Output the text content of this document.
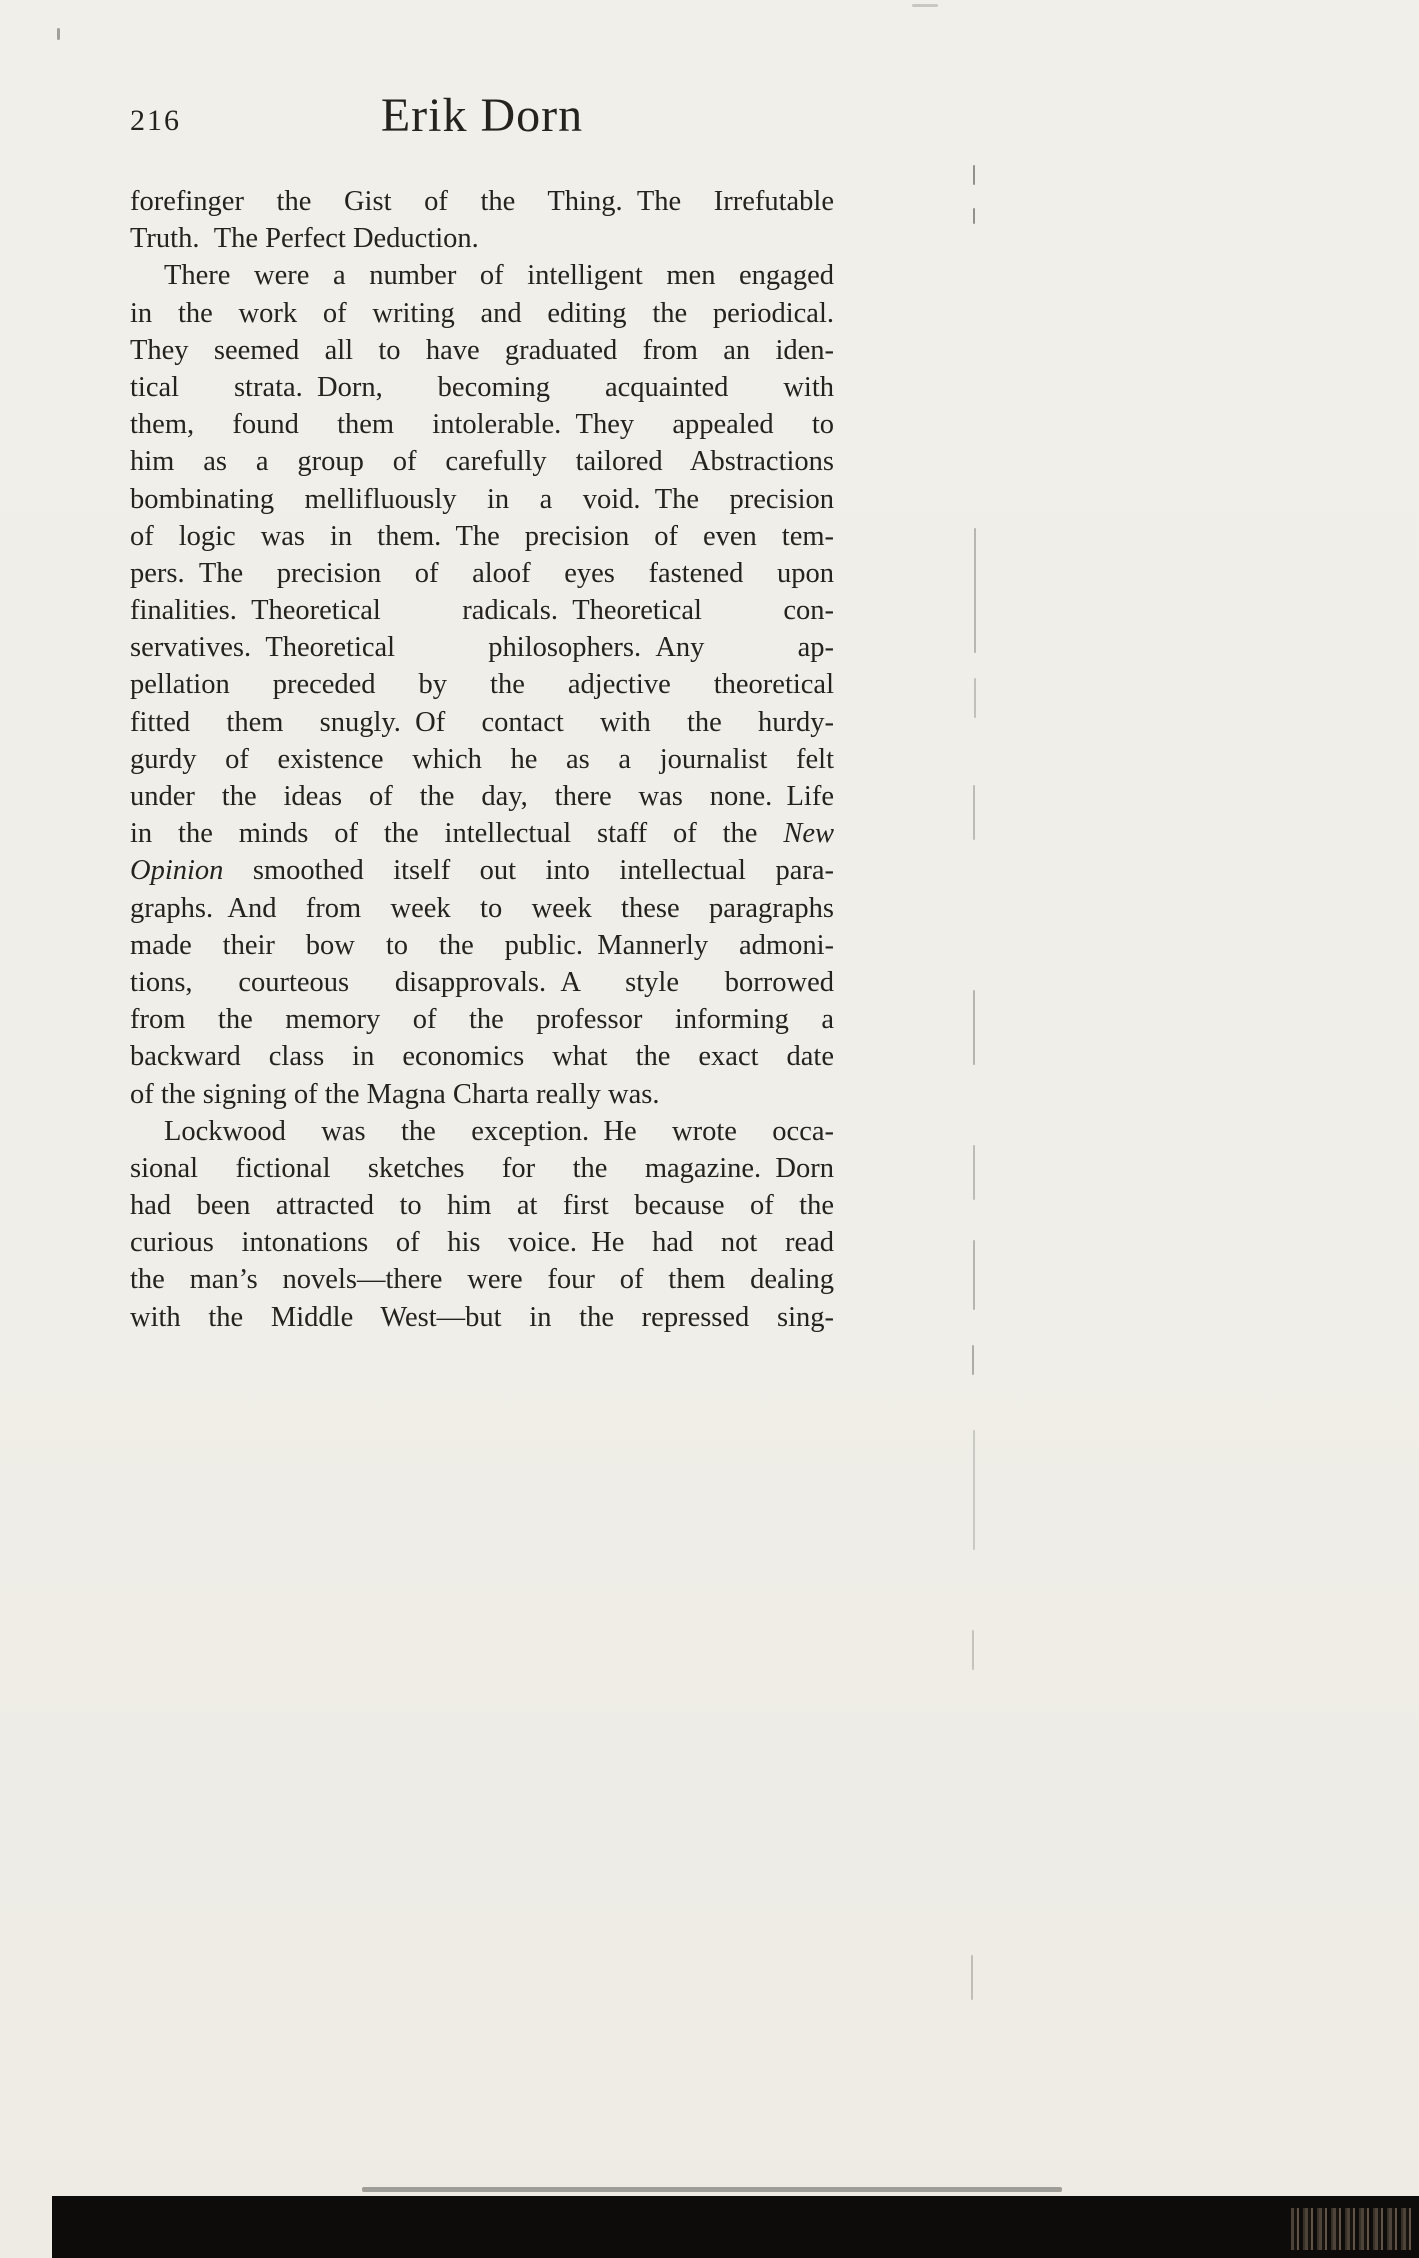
216	Erik Dorn
forefinger the Gist of the Thing. The Irrefutable
Truth. The Perfect Deduction.
There were a number of intelligent men engaged
in the work of writing and editing the periodical.
They seemed all to have graduated from an iden-
tical strata. Dorn, becoming acquainted with
them, found them intolerable. They appealed to
him as a group of carefully tailored Abstractions
bombinating mellifluously in a void. The precision
of logic was in them. The precision of even tem-
pers. The precision of aloof eyes fastened upon
finalities. Theoretical radicals. Theoretical con-
servatives. Theoretical philosophers. Any ap-
pellation preceded by the adjective theoretical
fitted them snugly. Of contact with the hurdy-
gurdy of existence which he as a journalist felt
under the ideas of the day, there was none. Life
in the minds of the intellectual staff of the New
Opinion smoothed itself out into intellectual para-
graphs. And from week to week these paragraphs
made their bow to the public. Mannerly admoni-
tions, courteous disapprovals. A style borrowed
from the memory of the professor informing a
backward class in economics what the exact date
of the signing of the Magna Charta really was.
Lockwood was the exception. He wrote occa-
sional fictional sketches for the magazine. Dorn
had been attracted to him at first because of the
curious intonations of his voice. He had not read
the man’s novels—there were four of them dealing
with the Middle West—but in the repressed sing-
